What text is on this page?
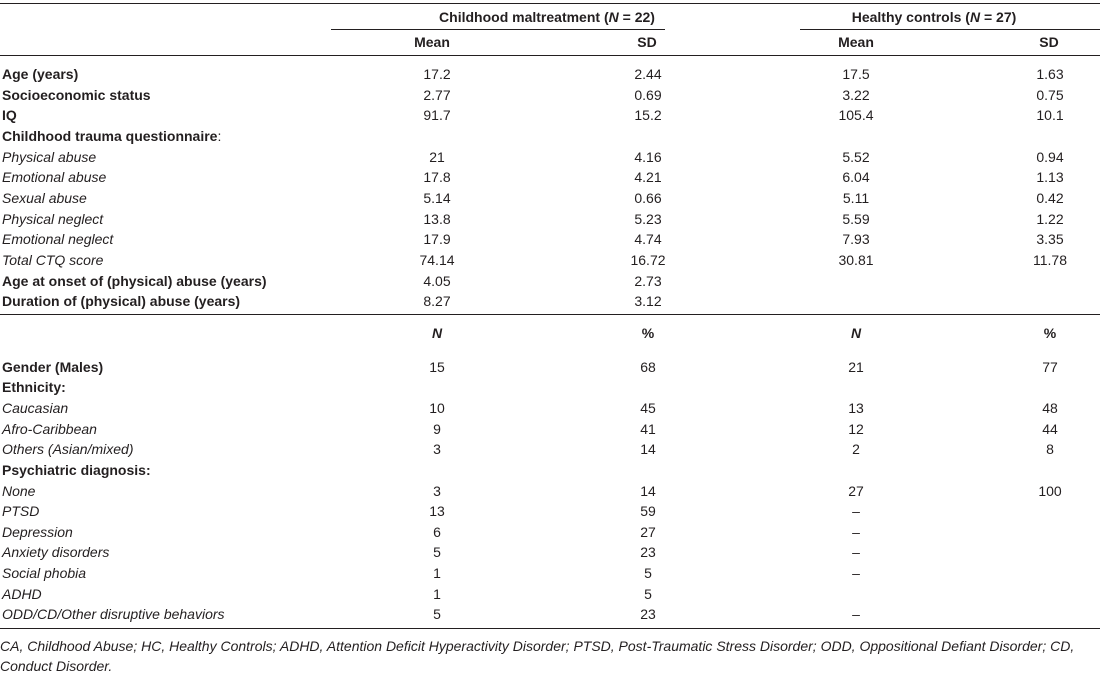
Childhood maltreatment (N = 22)	Healthy controls (N = 27)
Mean	SD	Mean	SD
Age (years)	17.2	2.44	17.5	1.63
Socioeconomic status	2.77	0.69	3.22	0.75
IQ	91.7	15.2	105.4	10.1
Childhood trauma questionnaire:
Physical abuse	21	4.16	5.52	0.94
Emotional abuse	17.8	4.21	6.04	1.13
Sexual abuse	5.14	0.66	5.11	0.42
Physical neglect	13.8	5.23	5.59	1.22
Emotional neglect	17.9	4.74	7.93	3.35
Total CTQ score	74.14	16.72	30.81	11.78
Age at onset of (physical) abuse (years)	4.05	2.73
Duration of (physical) abuse (years)	8.27	3.12
N	%	N	%
Gender (Males)	15	68	21	77
Ethnicity:
Caucasian	10	45	13	48
Afro-Caribbean	9	41	12	44
Others (Asian/mixed)	3	14	2	8
Psychiatric diagnosis:
None	3	14	27	100
PTSD	13	59	–
Depression	6	27	–
Anxiety disorders	5	23	–
Social phobia	1	5	–
ADHD	1	5
ODD/CD/Other disruptive behaviors	5	23	–
CA, Childhood Abuse; HC, Healthy Controls; ADHD, Attention Deficit Hyperactivity Disorder; PTSD, Post-Traumatic Stress Disorder; ODD, Oppositional Defiant Disorder; CD, Conduct Disorder.
